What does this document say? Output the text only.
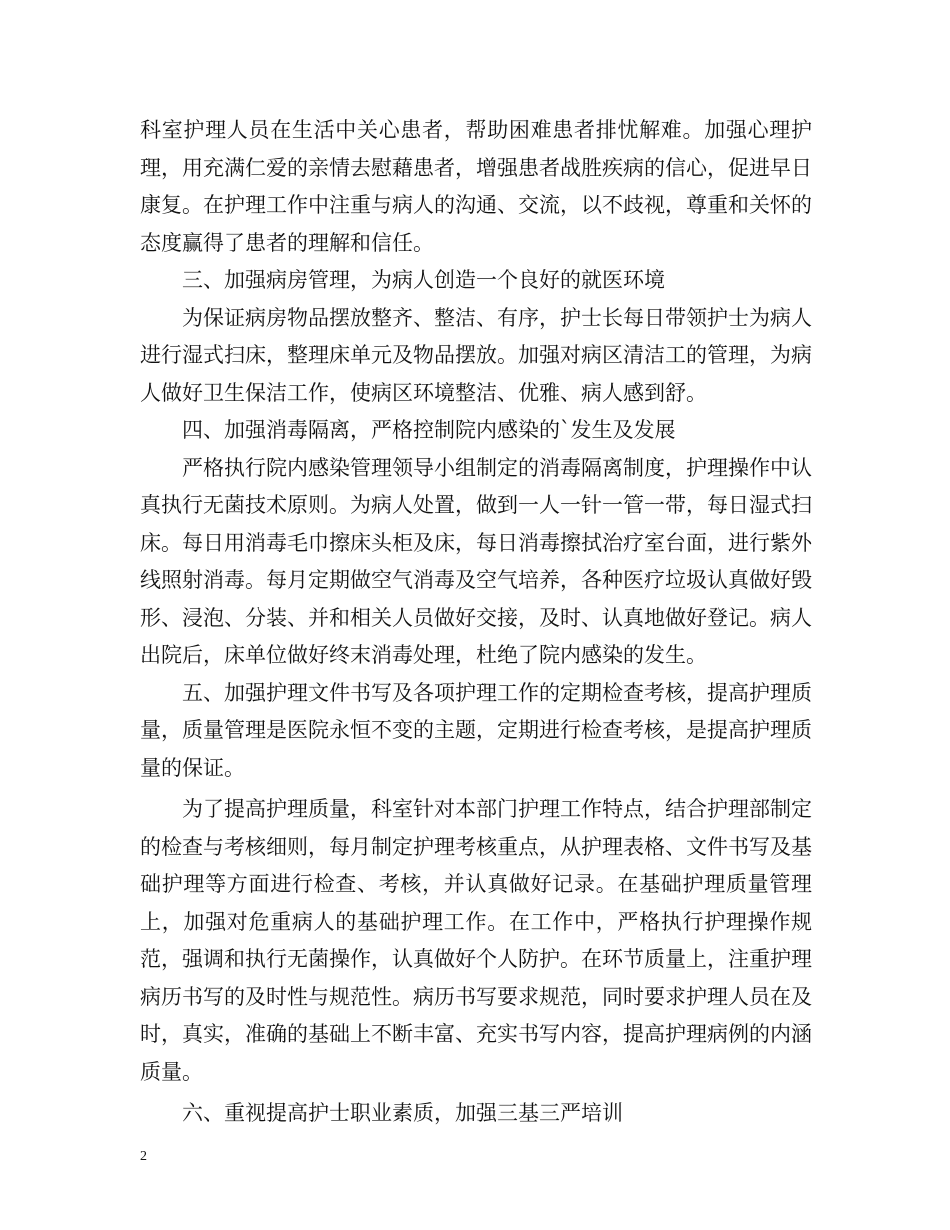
科室护理人员在生活中关心患者，帮助困难患者排忧解难。加强心理护理，用充满仁爱的亲情去慰藉患者，增强患者战胜疾病的信心，促进早日康复。在护理工作中注重与病人的沟通、交流，以不歧视，尊重和关怀的态度赢得了患者的理解和信任。

三、加强病房管理，为病人创造一个良好的就医环境

为保证病房物品摆放整齐、整洁、有序，护士长每日带领护士为病人进行湿式扫床，整理床单元及物品摆放。加强对病区清洁工的管理，为病人做好卫生保洁工作，使病区环境整洁、优雅、病人感到舒。

四、加强消毒隔离，严格控制院内感染的`发生及发展

严格执行院内感染管理领导小组制定的消毒隔离制度，护理操作中认真执行无菌技术原则。为病人处置，做到一人一针一管一带，每日湿式扫床。每日用消毒毛巾擦床头柜及床，每日消毒擦拭治疗室台面，进行紫外线照射消毒。每月定期做空气消毒及空气培养，各种医疗垃圾认真做好毁形、浸泡、分装、并和相关人员做好交接，及时、认真地做好登记。病人出院后，床单位做好终末消毒处理，杜绝了院内感染的发生。

五、加强护理文件书写及各项护理工作的定期检查考核，提高护理质量，质量管理是医院永恒不变的主题，定期进行检查考核，是提高护理质量的保证。

为了提高护理质量，科室针对本部门护理工作特点，结合护理部制定的检查与考核细则，每月制定护理考核重点，从护理表格、文件书写及基础护理等方面进行检查、考核，并认真做好记录。在基础护理质量管理上，加强对危重病人的基础护理工作。在工作中，严格执行护理操作规范，强调和执行无菌操作，认真做好个人防护。在环节质量上，注重护理病历书写的及时性与规范性。病历书写要求规范，同时要求护理人员在及时，真实，准确的基础上不断丰富、充实书写内容，提高护理病例的内涵质量。

六、重视提高护士职业素质，加强三基三严培训

2
